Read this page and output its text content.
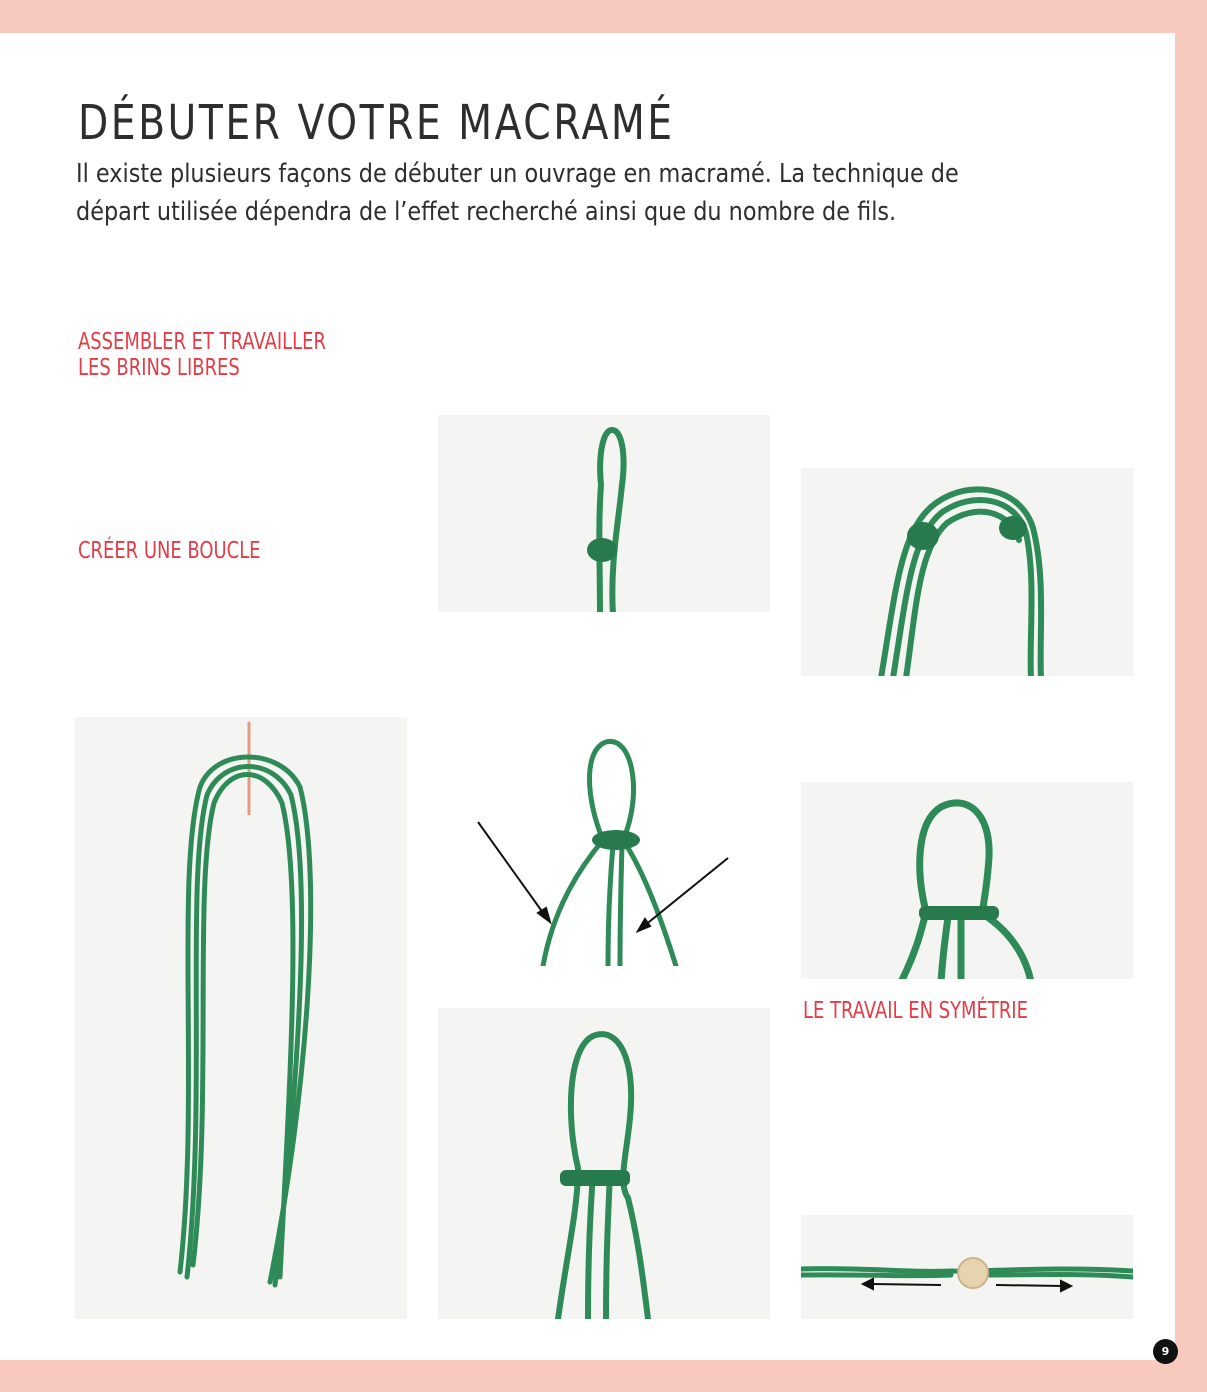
DÉBUTER VOTRE MACRAMÉ

Il existe plusieurs façons de débuter un ouvrage en macramé. La technique de départ utilisée dépendra de l’effet recherché ainsi que du nombre de fils.

ASSEMBLER ET TRAVAILLER
LES BRINS LIBRES
CRÉER UNE BOUCLE
LE TRAVAIL EN SYMÉTRIE
9
